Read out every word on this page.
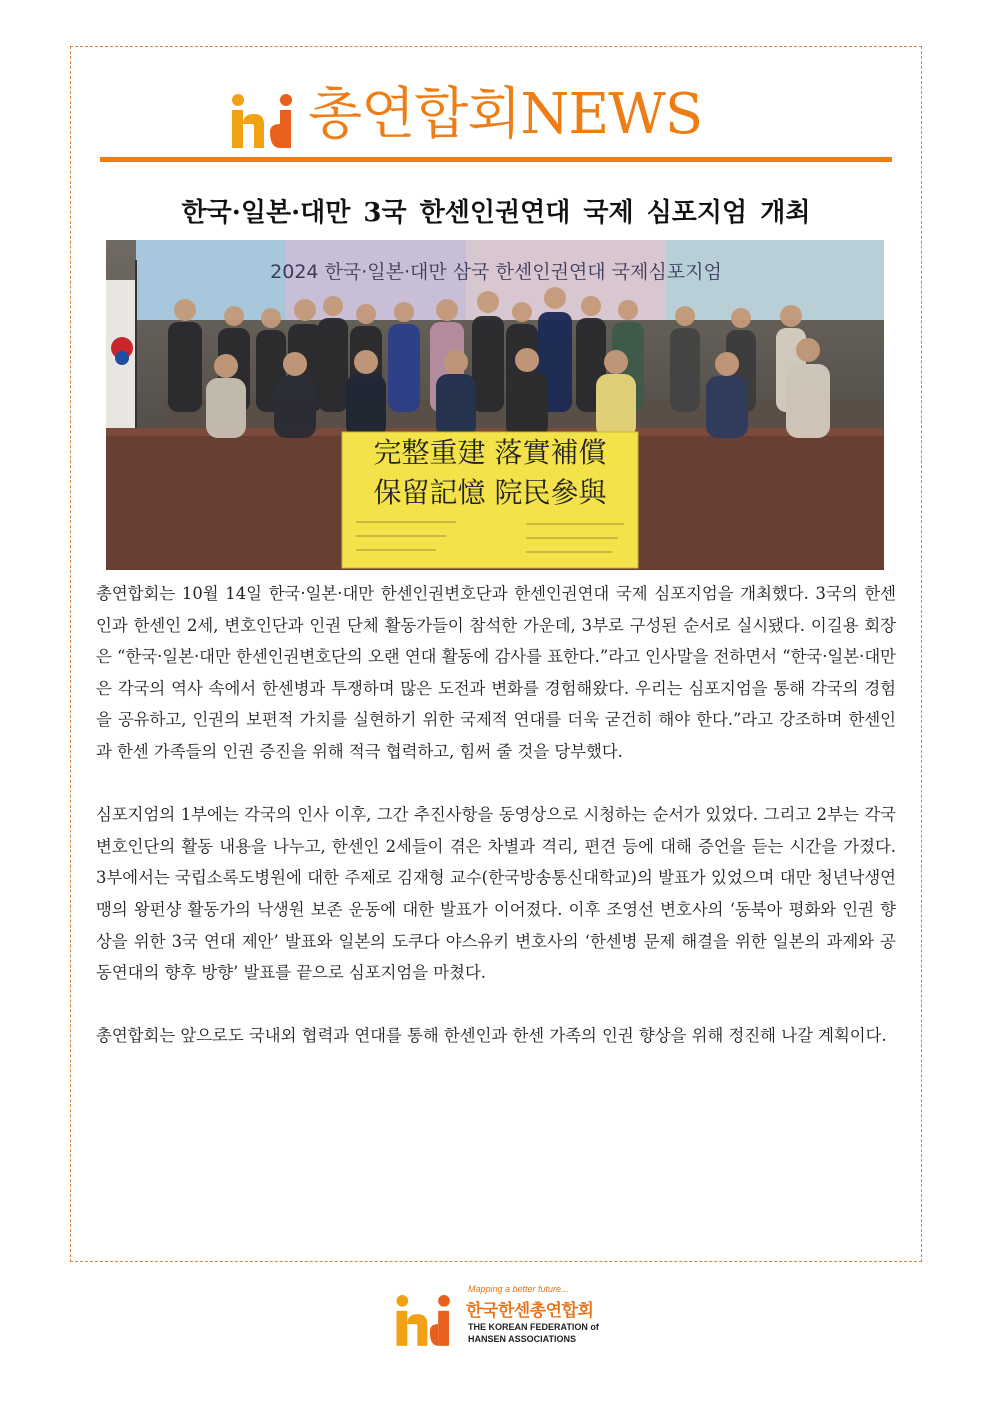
총연합회NEWS
한국·일본·대만 3국 한센인권연대 국제 심포지엄 개최
2024 한국·일본·대만 삼국 한센인권연대 국제심포지엄
完整重建 落實補償
保留記憶 院民參與

총연합회는 10월 14일 한국·일본·대만 한센인권변호단과 한센인권연대 국제 심포지엄을 개최했다. 3국의 한센인과 한센인 2세, 변호인단과 인권 단체 활동가들이 참석한 가운데, 3부로 구성된 순서로 실시됐다. 이길용 회장은 “한국·일본·대만 한센인권변호단의 오랜 연대 활동에 감사를 표한다.”라고 인사말을 전하면서 “한국·일본·대만은 각국의 역사 속에서 한센병과 투쟁하며 많은 도전과 변화를 경험해왔다. 우리는 심포지엄을 통해 각국의 경험을 공유하고, 인권의 보편적 가치를 실현하기 위한 국제적 연대를 더욱 굳건히 해야 한다.”라고 강조하며 한센인과 한센 가족들의 인권 증진을 위해 적극 협력하고, 힘써 줄 것을 당부했다.

심포지엄의 1부에는 각국의 인사 이후, 그간 추진사항을 동영상으로 시청하는 순서가 있었다. 그리고 2부는 각국 변호인단의 활동 내용을 나누고, 한센인 2세들이 겪은 차별과 격리, 편견 등에 대해 증언을 듣는 시간을 가졌다. 3부에서는 국립소록도병원에 대한 주제로 김재형 교수(한국방송통신대학교)의 발표가 있었으며 대만 청년낙생연맹의 왕펀샹 활동가의 낙생원 보존 운동에 대한 발표가 이어졌다. 이후 조영선 변호사의 ‘동북아 평화와 인권 향상을 위한 3국 연대 제안’ 발표와 일본의 도쿠다 야스유키 변호사의 ‘한센병 문제 해결을 위한 일본의 과제와 공동연대의 향후 방향’ 발표를 끝으로 심포지엄을 마쳤다.

총연합회는 앞으로도 국내외 협력과 연대를 통해 한센인과 한센 가족의 인권 향상을 위해 정진해 나갈 계획이다.

Mapping a better future...
한국한센총연합회
THE KOREAN FEDERATION of
HANSEN ASSOCIATIONS
